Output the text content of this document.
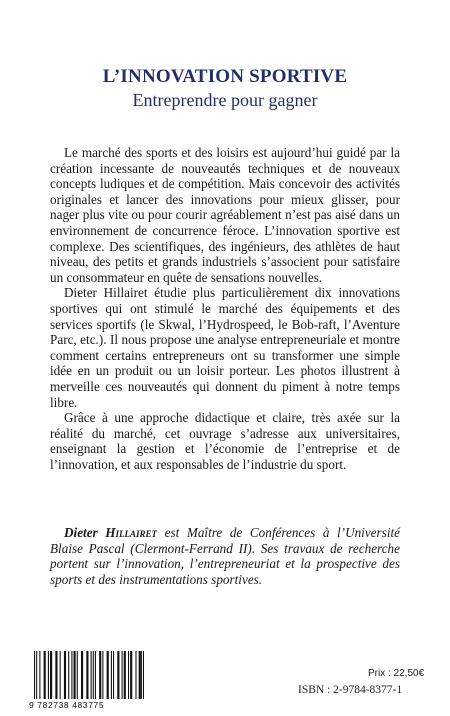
L’INNOVATION SPORTIVE
Entreprendre pour gagner

Le marché des sports et des loisirs est aujourd’hui guidé par la création incessante de nouveautés techniques et de nouveaux concepts ludiques et de compétition. Mais concevoir des activités originales et lancer des innovations pour mieux glisser, pour nager plus vite ou pour courir agréablement n’est pas aisé dans un environnement de concurrence féroce. L’innovation sportive est complexe. Des scientifiques, des ingénieurs, des athlètes de haut niveau, des petits et grands industriels s’associent pour satisfaire un consommateur en quête de sensations nouvelles.

Dieter Hillairet étudie plus particulièrement dix innovations sportives qui ont stimulé le marché des équipements et des services sportifs (le Skwal, l’Hydrospeed, le Bob-raft, l’Aventure Parc, etc.). Il nous propose une analyse entrepreneuriale et montre comment certains entrepreneurs ont su transformer une simple idée en un produit ou un loisir porteur. Les photos illustrent à merveille ces nouveautés qui donnent du piment à notre temps libre.

Grâce à une approche didactique et claire, très axée sur la réalité du marché, cet ouvrage s’adresse aux universitaires, enseignant la gestion et l’économie de l’entreprise et de l’innovation, et aux responsables de l’industrie du sport.

Dieter Hillairet est Maître de Conférences à l’Université Blaise Pascal (Clermont-Ferrand II). Ses travaux de recherche portent sur l’innovation, l’entrepreneuriat et la prospective des sports et des instrumentations sportives.

9 782738 483775
Prix : 22,50€
ISBN : 2-9784-8377-1
